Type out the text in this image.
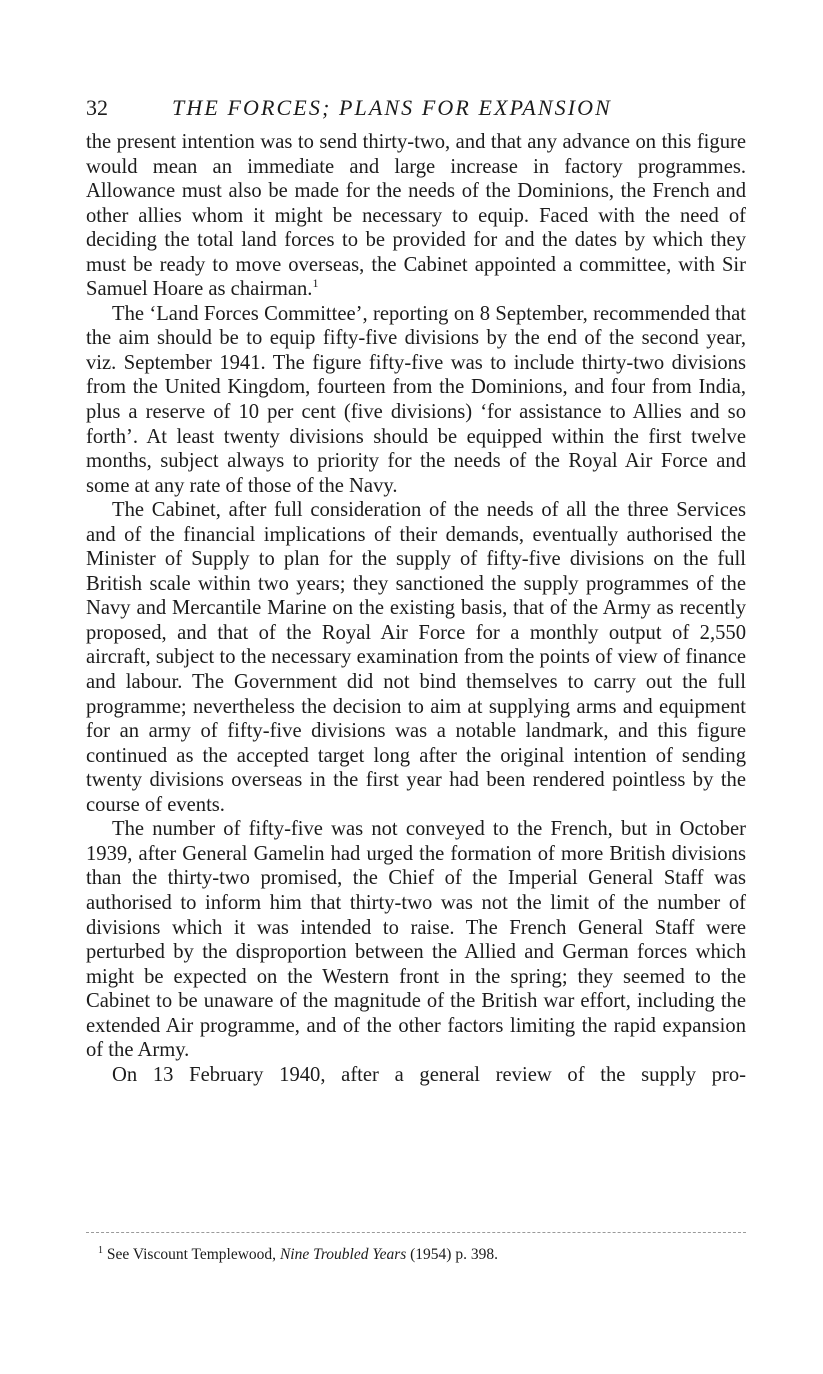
32	THE FORCES; PLANS FOR EXPANSION

the present intention was to send thirty-two, and that any advance on this figure would mean an immediate and large increase in factory programmes. Allowance must also be made for the needs of the Dominions, the French and other allies whom it might be necessary to equip. Faced with the need of deciding the total land forces to be provided for and the dates by which they must be ready to move overseas, the Cabinet appointed a committee, with Sir Samuel Hoare as chairman.$^1$

The ‘Land Forces Committee’, reporting on 8 September, recommended that the aim should be to equip fifty-five divisions by the end of the second year, viz. September 1941. The figure fifty-five was to include thirty-two divisions from the United Kingdom, fourteen from the Dominions, and four from India, plus a reserve of 10 per cent (five divisions) ‘for assistance to Allies and so forth’. At least twenty divisions should be equipped within the first twelve months, subject always to priority for the needs of the Royal Air Force and some at any rate of those of the Navy.

The Cabinet, after full consideration of the needs of all the three Services and of the financial implications of their demands, eventually authorised the Minister of Supply to plan for the supply of fifty-five divisions on the full British scale within two years; they sanctioned the supply programmes of the Navy and Mercantile Marine on the existing basis, that of the Army as recently proposed, and that of the Royal Air Force for a monthly output of 2,550 aircraft, subject to the necessary examination from the points of view of finance and labour. The Government did not bind themselves to carry out the full programme; nevertheless the decision to aim at supplying arms and equipment for an army of fifty-five divisions was a notable landmark, and this figure continued as the accepted target long after the original intention of sending twenty divisions overseas in the first year had been rendered pointless by the course of events.

The number of fifty-five was not conveyed to the French, but in October 1939, after General Gamelin had urged the formation of more British divisions than the thirty-two promised, the Chief of the Imperial General Staff was authorised to inform him that thirty-two was not the limit of the number of divisions which it was intended to raise. The French General Staff were perturbed by the disproportion between the Allied and German forces which might be expected on the Western front in the spring; they seemed to the Cabinet to be unaware of the magnitude of the British war effort, including the extended Air programme, and of the other factors limiting the rapid expansion of the Army.

On 13 February 1940, after a general review of the supply pro-

$^1$ See Viscount Templewood, Nine Troubled Years (1954) p. 398.
